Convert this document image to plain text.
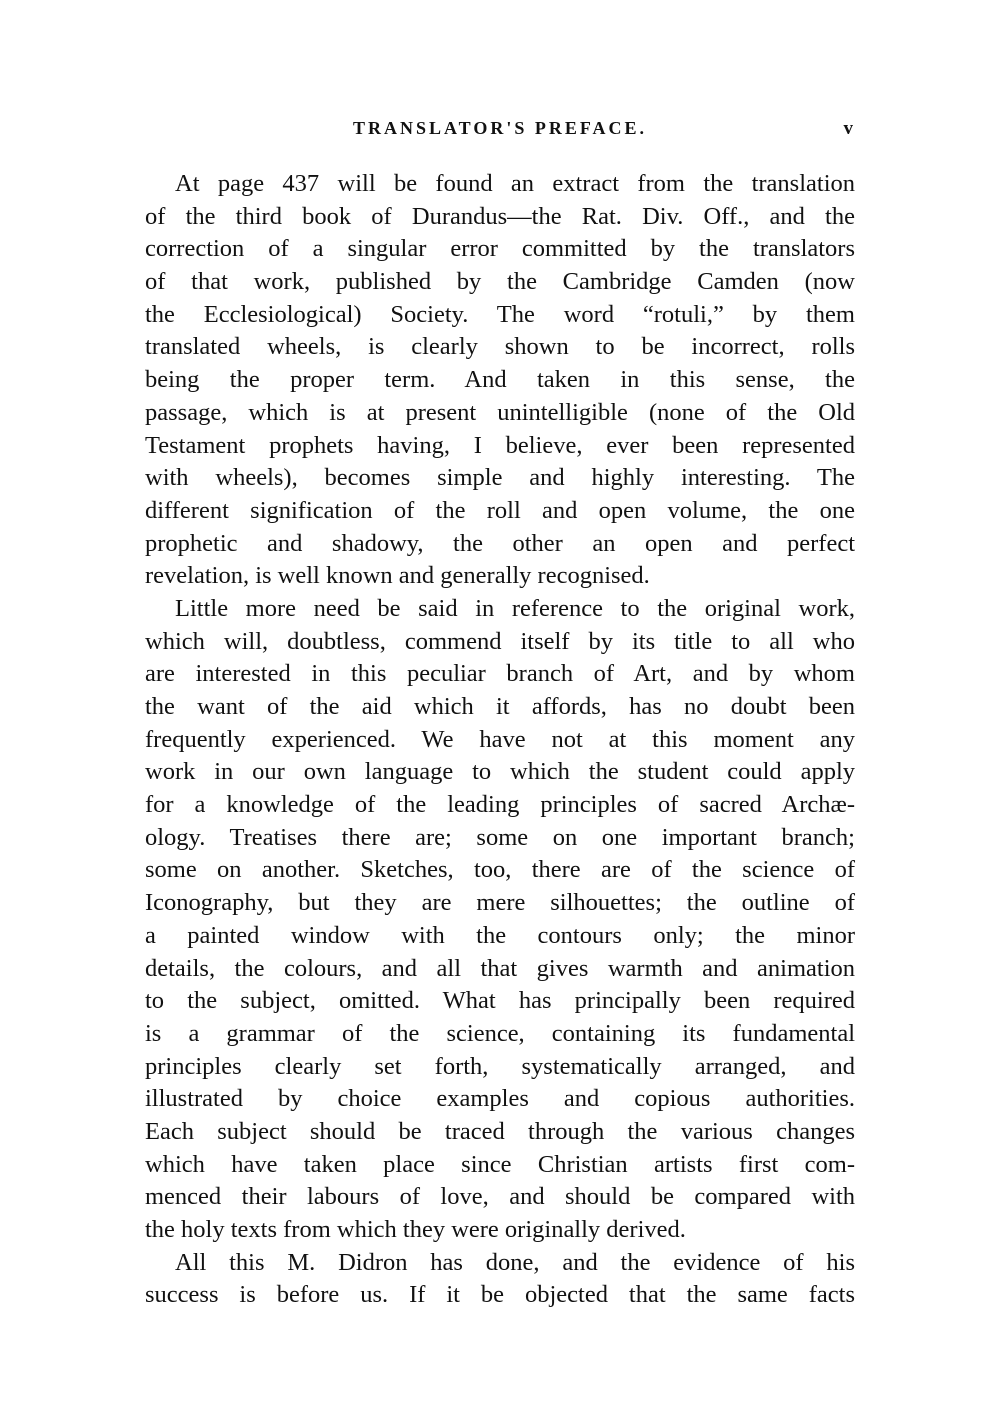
TRANSLATOR'S PREFACE.	v
At page 437 will be found an extract from the translation
of the third book of Durandus—the Rat. Div. Off., and the
correction of a singular error committed by the translators
of that work, published by the Cambridge Camden (now
the Ecclesiological) Society. The word “rotuli,” by them
translated wheels, is clearly shown to be incorrect, rolls
being the proper term. And taken in this sense, the
passage, which is at present unintelligible (none of the Old
Testament prophets having, I believe, ever been represented
with wheels), becomes simple and highly interesting. The
different signification of the roll and open volume, the one
prophetic and shadowy, the other an open and perfect
revelation, is well known and generally recognised.
Little more need be said in reference to the original work,
which will, doubtless, commend itself by its title to all who
are interested in this peculiar branch of Art, and by whom
the want of the aid which it affords, has no doubt been
frequently experienced. We have not at this moment any
work in our own language to which the student could apply
for a knowledge of the leading principles of sacred Archæ-
ology. Treatises there are; some on one important branch;
some on another. Sketches, too, there are of the science of
Iconography, but they are mere silhouettes; the outline of
a painted window with the contours only; the minor
details, the colours, and all that gives warmth and animation
to the subject, omitted. What has principally been required
is a grammar of the science, containing its fundamental
principles clearly set forth, systematically arranged, and
illustrated by choice examples and copious authorities.
Each subject should be traced through the various changes
which have taken place since Christian artists first com-
menced their labours of love, and should be compared with
the holy texts from which they were originally derived.
All this M. Didron has done, and the evidence of his
success is before us. If it be objected that the same facts
